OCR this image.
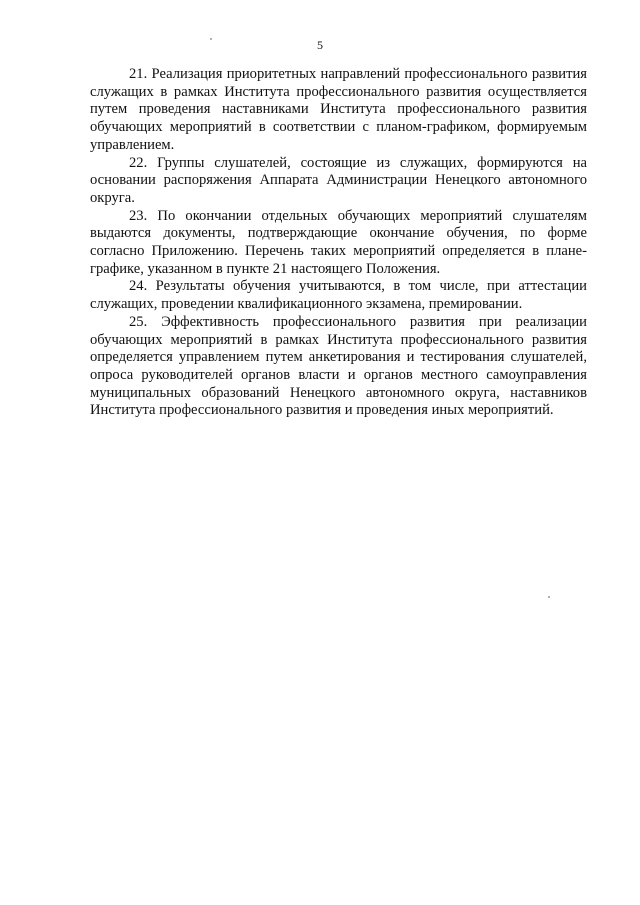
5

21. Реализация приоритетных направлений профессионального развития служащих в рамках Института профессионального развития осуществляется путем проведения наставниками Института профессионального развития обучающих мероприятий в соответствии с планом-графиком, формируемым управлением.

22. Группы слушателей, состоящие из служащих, формируются на основании распоряжения Аппарата Администрации Ненецкого автономного округа.

23. По окончании отдельных обучающих мероприятий слушателям выдаются документы, подтверждающие окончание обучения, по форме согласно Приложению. Перечень таких мероприятий определяется в плане-графике, указанном в пункте 21 настоящего Положения.

24. Результаты обучения учитываются, в том числе, при аттестации служащих, проведении квалификационного экзамена, премировании.

25. Эффективность профессионального развития при реализации обучающих мероприятий в рамках Института профессионального развития определяется управлением путем анкетирования и тестирования слушателей, опроса руководителей органов власти и органов местного самоуправления муниципальных образований Ненецкого автономного округа, наставников Института профессионального развития и проведения иных мероприятий.
